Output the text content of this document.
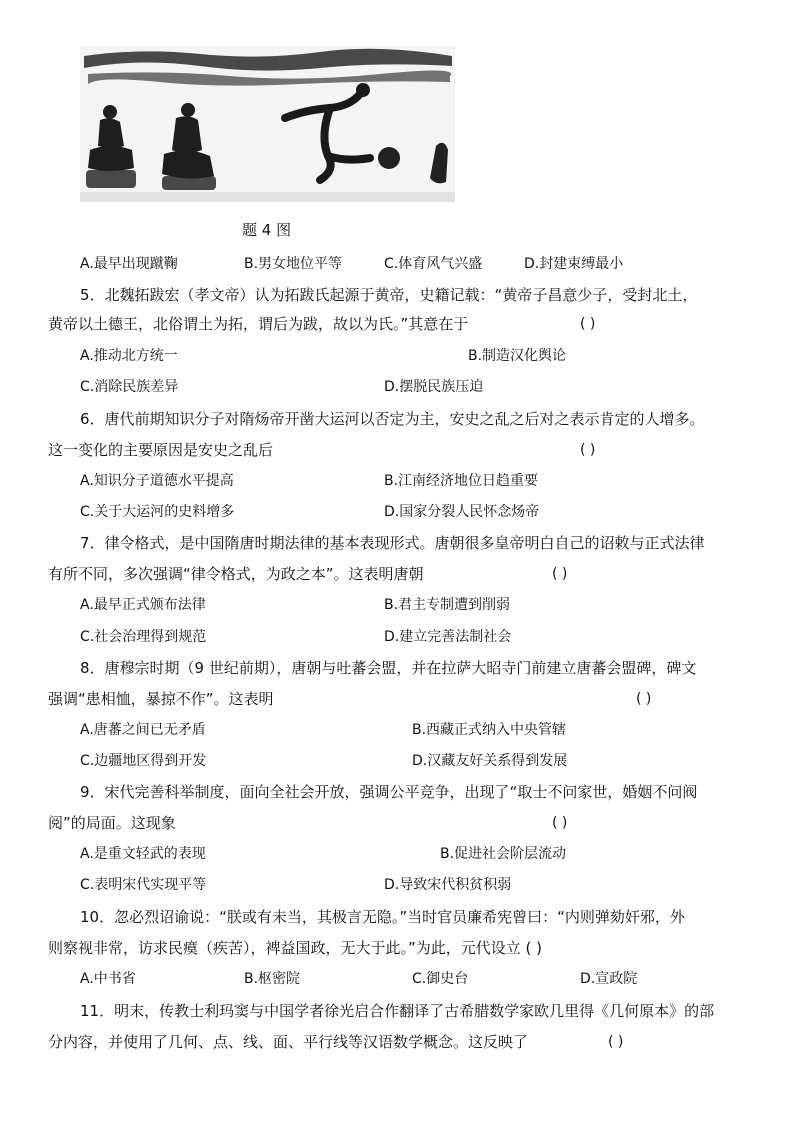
题 4 图
A.最早出现蹴鞠	B.男女地位平等	C.体育风气兴盛	D.封建束缚最小
5．北魏拓跋宏（孝文帝）认为拓跋氏起源于黄帝，史籍记载：“黄帝子昌意少子，受封北土，
黄帝以土德王，北俗谓土为拓，谓后为跋，故以为氏。”其意在于	( )
A.推动北方统一	B.制造汉化舆论
C.消除民族差异	D.摆脱民族压迫
6．唐代前期知识分子对隋炀帝开凿大运河以否定为主，安史之乱之后对之表示肯定的人增多。
这一变化的主要原因是安史之乱后	( )
A.知识分子道德水平提高	B.江南经济地位日趋重要
C.关于大运河的史料增多	D.国家分裂人民怀念炀帝
7．律令格式，是中国隋唐时期法律的基本表现形式。唐朝很多皇帝明白自己的诏敕与正式法律
有所不同，多次强调“律令格式，为政之本”。这表明唐朝	( )
A.最早正式颁布法律	B.君主专制遭到削弱
C.社会治理得到规范	D.建立完善法制社会
8．唐穆宗时期（9 世纪前期），唐朝与吐蕃会盟，并在拉萨大昭寺门前建立唐蕃会盟碑，碑文
强调“患相恤，暴掠不作”。这表明	( )
A.唐蕃之间已无矛盾	B.西藏正式纳入中央管辖
C.边疆地区得到开发	D.汉藏友好关系得到发展
9．宋代完善科举制度，面向全社会开放，强调公平竞争，出现了“取士不问家世，婚姻不问阀
阅”的局面。这现象	( )
A.是重文轻武的表现	B.促进社会阶层流动
C.表明宋代实现平等	D.导致宋代积贫积弱
10．忽必烈诏谕说：“朕或有未当，其极言无隐。”当时官员廉希宪曾曰：“内则弹劾奸邪，外
则察视非常，访求民瘼（疾苦），裨益国政，无大于此。”为此，元代设立 ( )
A.中书省	B.枢密院	C.御史台	D.宣政院
11．明末，传教士利玛窦与中国学者徐光启合作翻译了古希腊数学家欧几里得《几何原本》的部
分内容，并使用了几何、点、线、面、平行线等汉语数学概念。这反映了	( )
